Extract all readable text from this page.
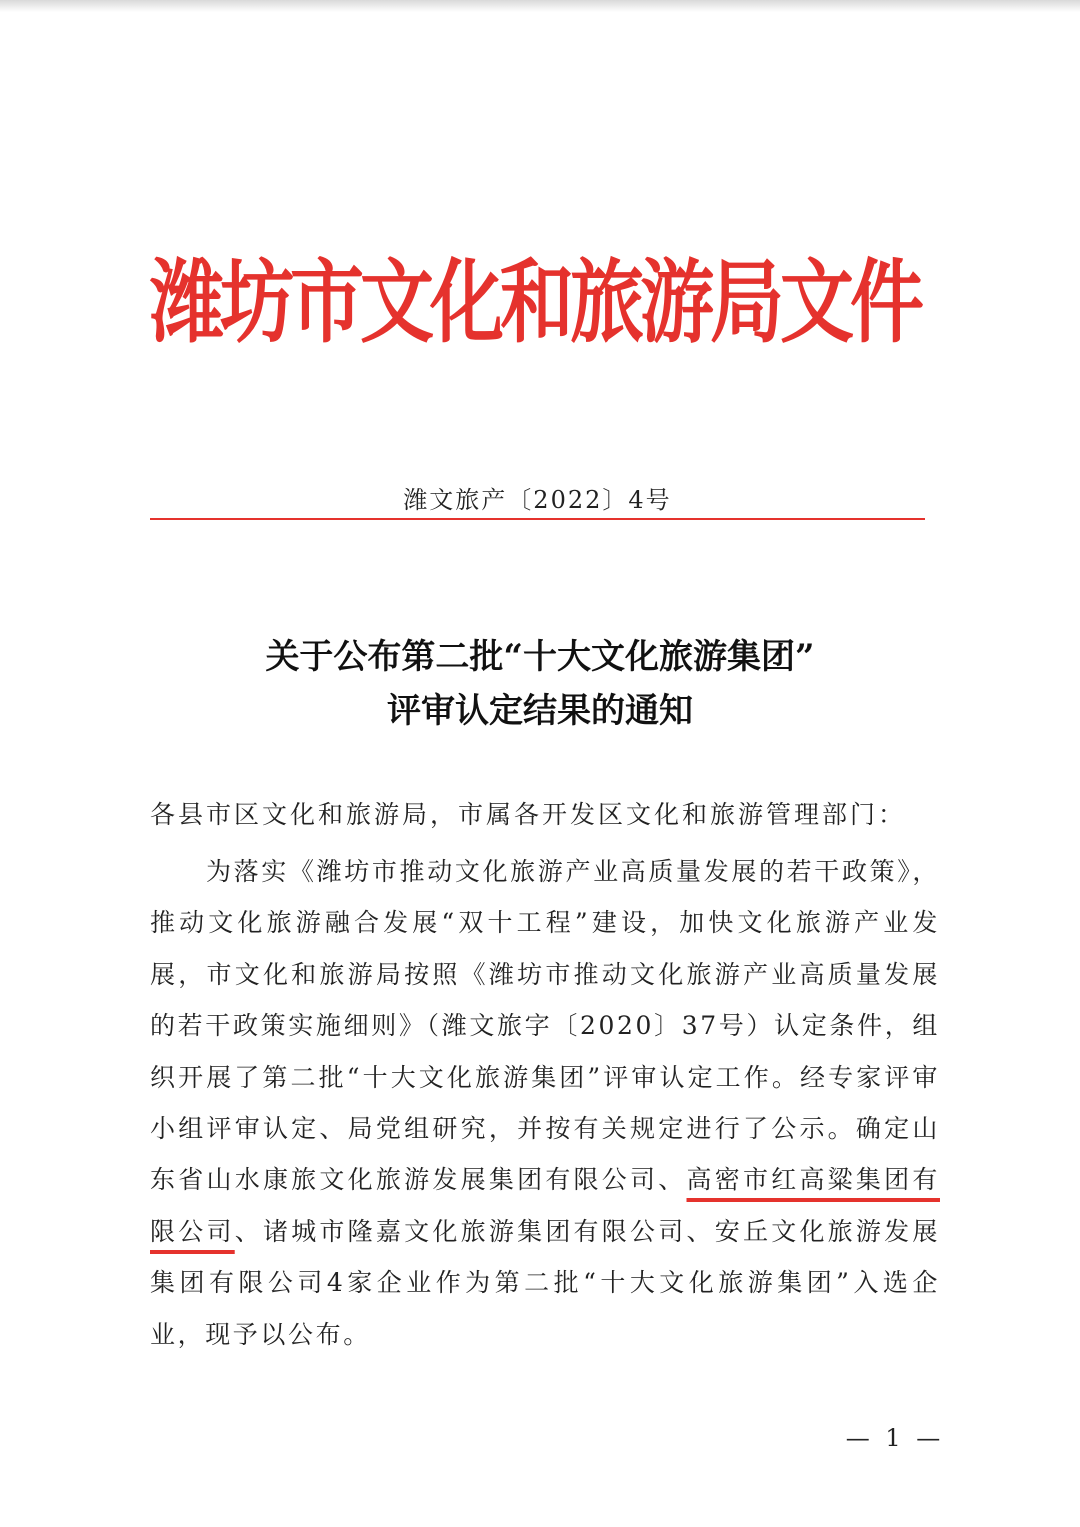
潍坊市文化和旅游局文件
潍文旅产〔2022〕4号
关于公布第二批“十大文化旅游集团”
评审认定结果的通知
各县市区文化和旅游局，市属各开发区文化和旅游管理部门：

为落实《潍坊市推动文化旅游产业高质量发展的若干政策》，推动文化旅游融合发展“双十工程”建设，加快文化旅游产业发展，市文化和旅游局按照《潍坊市推动文化旅游产业高质量发展的若干政策实施细则》（潍文旅字〔2020〕37号）认定条件，组织开展了第二批“十大文化旅游集团”评审认定工作。经专家评审小组评审认定、局党组研究，并按有关规定进行了公示。确定山东省山水康旅文化旅游发展集团有限公司、高密市红高粱集团有限公司、诸城市隆嘉文化旅游集团有限公司、安丘文化旅游发展集团有限公司4家企业作为第二批“十大文化旅游集团”入选企业，现予以公布。

— 1 —
